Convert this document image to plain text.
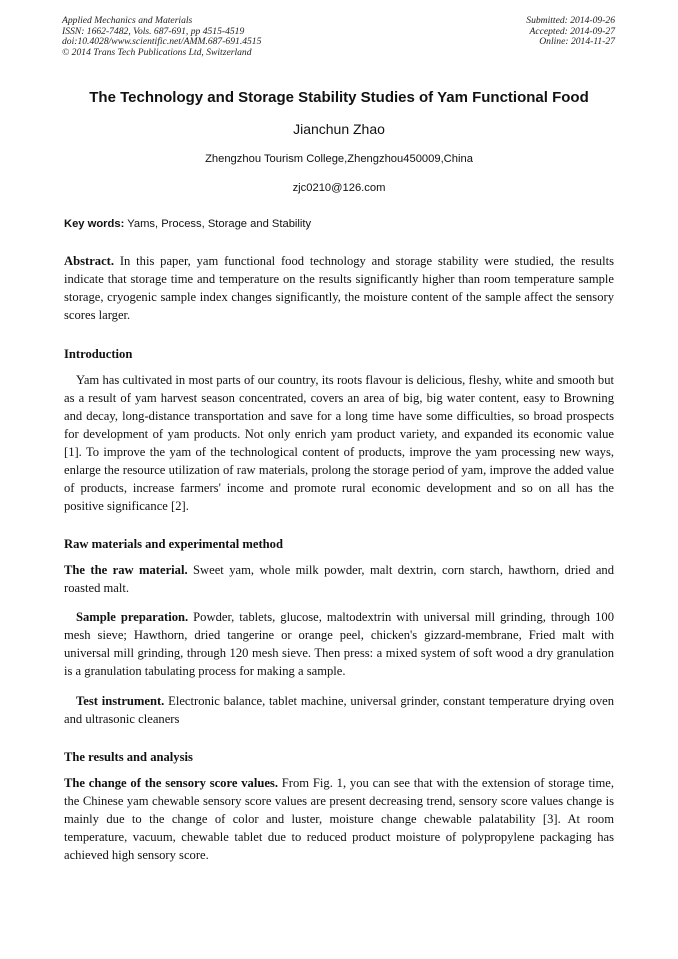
Applied Mechanics and Materials
ISSN: 1662-7482, Vols. 687-691, pp 4515-4519
doi:10.4028/www.scientific.net/AMM.687-691.4515
© 2014 Trans Tech Publications Ltd, Switzerland
Submitted: 2014-09-26
Accepted: 2014-09-27
Online: 2014-11-27
The Technology and Storage Stability Studies of Yam Functional Food
Jianchun Zhao
Zhengzhou Tourism College,Zhengzhou450009,China
zjc0210@126.com
Key words: Yams, Process, Storage and Stability

Abstract. In this paper, yam functional food technology and storage stability were studied, the results indicate that storage time and temperature on the results significantly higher than room temperature sample storage, cryogenic sample index changes significantly, the moisture content of the sample affect the sensory scores larger.

Introduction

Yam has cultivated in most parts of our country, its roots flavour is delicious, fleshy, white and smooth but as a result of yam harvest season concentrated, covers an area of big, big water content, easy to Browning and decay, long-distance transportation and save for a long time have some difficulties, so broad prospects for development of yam products. Not only enrich yam product variety, and expanded its economic value [1]. To improve the yam of the technological content of products, improve the yam processing new ways, enlarge the resource utilization of raw materials, prolong the storage period of yam, improve the added value of products, increase farmers' income and promote rural economic development and so on all has the positive significance [2].

Raw materials and experimental method

The the raw material. Sweet yam, whole milk powder, malt dextrin, corn starch, hawthorn, dried and roasted malt.

Sample preparation. Powder, tablets, glucose, maltodextrin with universal mill grinding, through 100 mesh sieve; Hawthorn, dried tangerine or orange peel, chicken's gizzard-membrane, Fried malt with universal mill grinding, through 120 mesh sieve. Then press: a mixed system of soft wood a dry granulation is a granulation tabulating process for making a sample.

Test instrument. Electronic balance, tablet machine, universal grinder, constant temperature drying oven and ultrasonic cleaners

The results and analysis

The change of the sensory score values. From Fig. 1, you can see that with the extension of storage time, the Chinese yam chewable sensory score values are present decreasing trend, sensory score values change is mainly due to the change of color and luster, moisture change chewable palatability [3]. At room temperature, vacuum, chewable tablet due to reduced product moisture of polypropylene packaging has achieved high sensory score.
